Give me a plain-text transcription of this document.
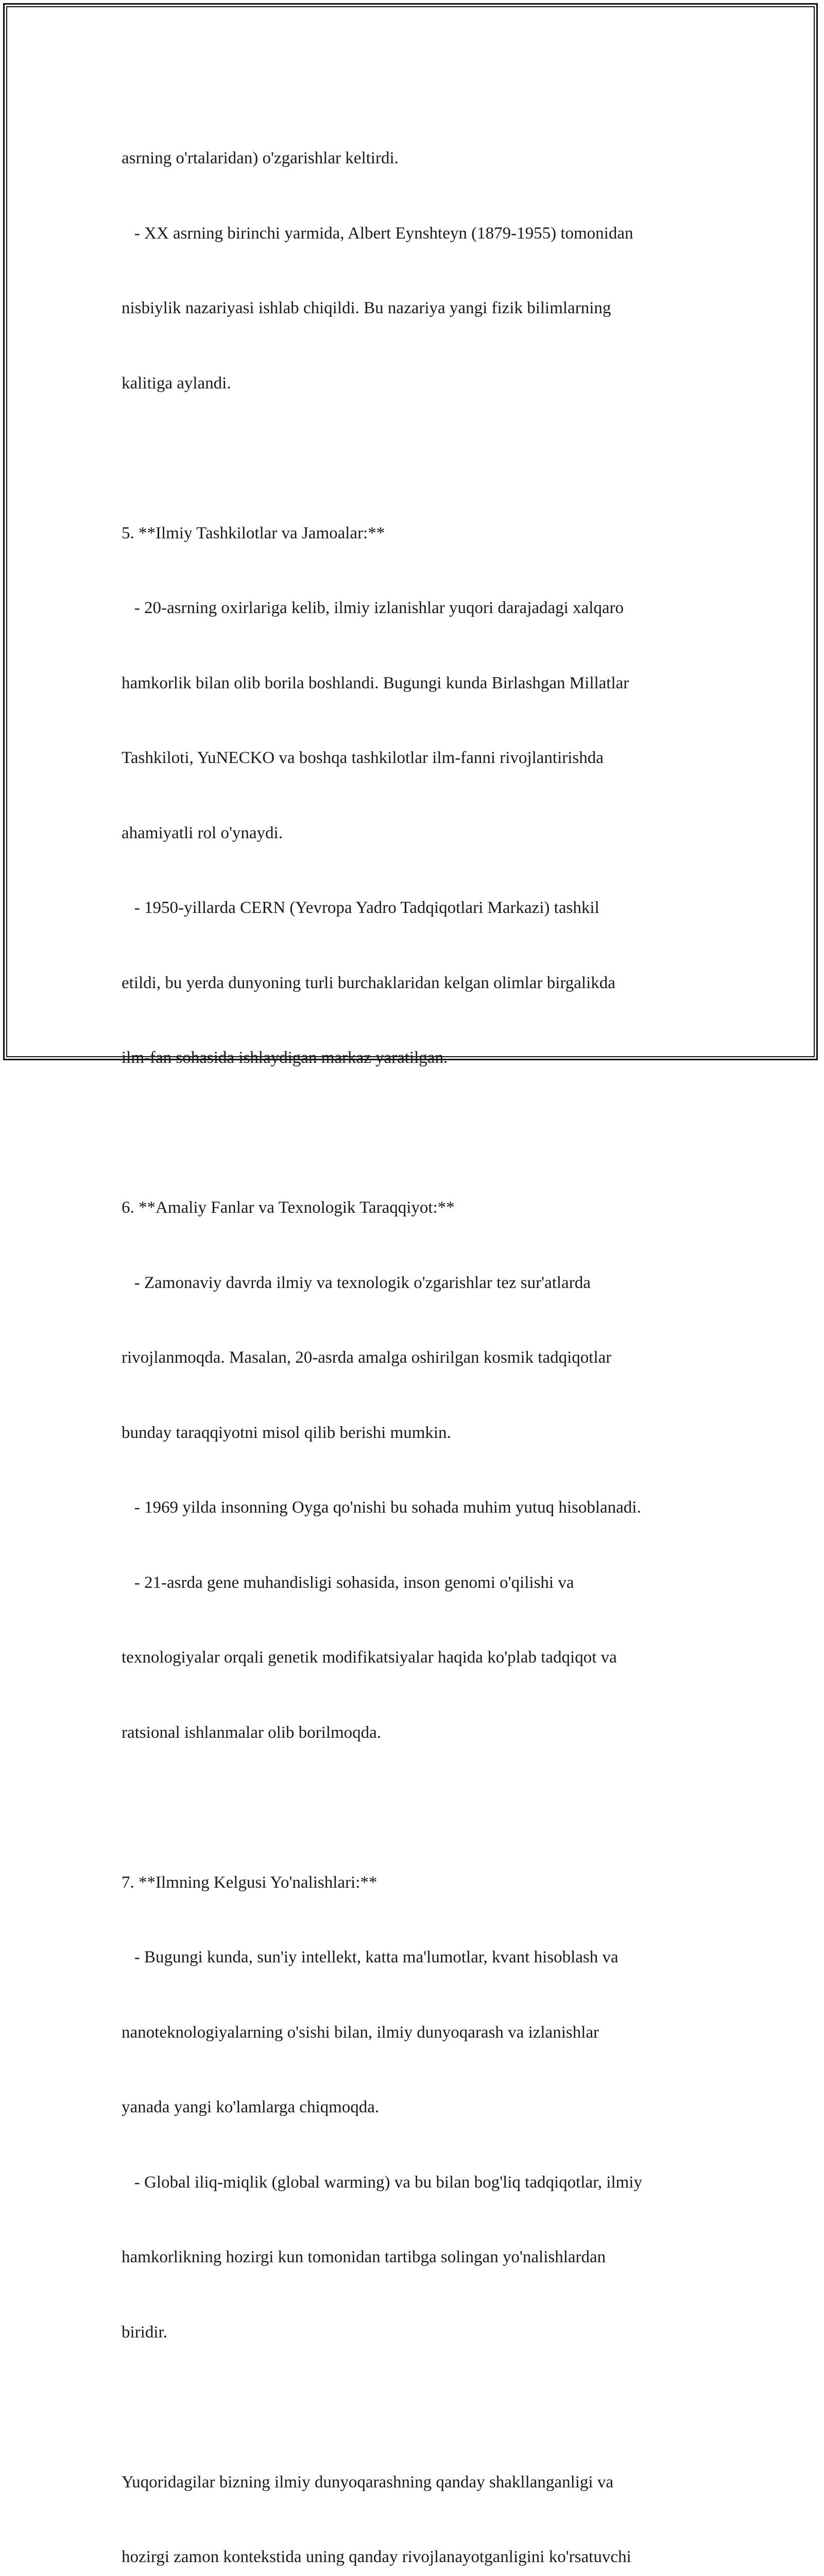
asrning o'rtalaridan) o'zgarishlar keltirdi.

- XX asrning birinchi yarmida, Albert Eynshteyn (1879-1955) tomonidan

nisbiylik nazariyasi ishlab chiqildi. Bu nazariya yangi fizik bilimlarning

kalitiga aylandi.

5. **Ilmiy Tashkilotlar va Jamoalar:**

- 20-asrning oxirlariga kelib, ilmiy izlanishlar yuqori darajadagi xalqaro

hamkorlik bilan olib borila boshlandi. Bugungi kunda Birlashgan Millatlar

Tashkiloti, YuNECKO va boshqa tashkilotlar ilm-fanni rivojlantirishda

ahamiyatli rol o'ynaydi.

- 1950-yillarda CERN (Yevropa Yadro Tadqiqotlari Markazi) tashkil

etildi, bu yerda dunyoning turli burchaklaridan kelgan olimlar birgalikda

ilm-fan sohasida ishlaydigan markaz yaratilgan.

6. **Amaliy Fanlar va Texnologik Taraqqiyot:**

- Zamonaviy davrda ilmiy va texnologik o'zgarishlar tez sur'atlarda

rivojlanmoqda. Masalan, 20-asrda amalga oshirilgan kosmik tadqiqotlar

bunday taraqqiyotni misol qilib berishi mumkin.

- 1969 yilda insonning Oyga qo'nishi bu sohada muhim yutuq hisoblanadi.

- 21-asrda gene muhandisligi sohasida, inson genomi o'qilishi va

texnologiyalar orqali genetik modifikatsiyalar haqida ko'plab tadqiqot va

ratsional ishlanmalar olib borilmoqda.

7. **Ilmning Kelgusi Yo'nalishlari:**

- Bugungi kunda, sun'iy intellekt, katta ma'lumotlar, kvant hisoblash va

nanoteknologiyalarning o'sishi bilan, ilmiy dunyoqarash va izlanishlar

yanada yangi ko'lamlarga chiqmoqda.

- Global iliq-miqlik (global warming) va bu bilan bog'liq tadqiqotlar, ilmiy

hamkorlikning hozirgi kun tomonidan tartibga solingan yo'nalishlardan

biridir.

Yuqoridagilar bizning ilmiy dunyoqarashning qanday shakllanganligi va

hozirgi zamon kontekstida uning qanday rivojlanayotganligini ko'rsatuvchi
